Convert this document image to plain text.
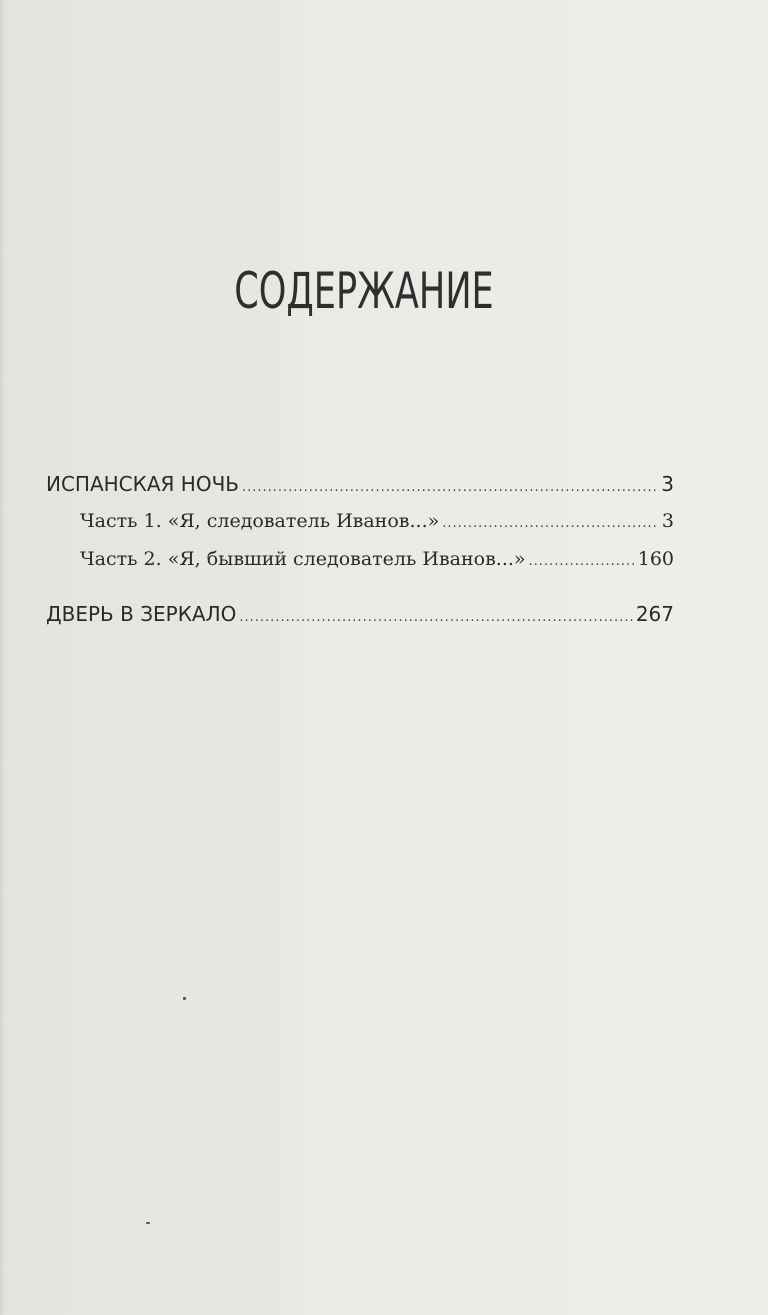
СОДЕРЖАНИЕ
ИСПАНСКАЯ НОЧЬ .....	3
Часть 1. «Я, следователь Иванов...» .....	3
Часть 2. «Я, бывший следователь Иванов...» .....	160
ДВЕРЬ В ЗЕРКАЛО .....	267
